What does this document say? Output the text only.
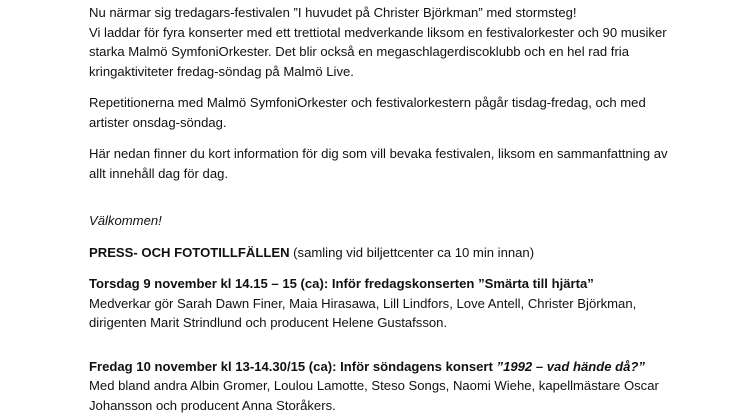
Nu närmar sig tredagars-festivalen ”I huvudet på Christer Björkman” med stormsteg!
Vi laddar för fyra konserter med ett trettiotal medverkande liksom en festivalorkester och 90 musiker
starka Malmö SymfoniOrkester. Det blir också en megaschlagerdiscoklubb och en hel rad fria
kringaktiviteter fredag-söndag på Malmö Live.
Repetitionerna med Malmö SymfoniOrkester och festivalorkestern pågår tisdag-fredag, och med
artister onsdag-söndag.
Här nedan finner du kort information för dig som vill bevaka festivalen, liksom en sammanfattning av
allt innehåll dag för dag.
Välkommen!
PRESS- OCH FOTOTILLFÄLLEN (samling vid biljettcenter ca 10 min innan)
Torsdag 9 november kl 14.15 – 15 (ca): Inför fredagskonserten ”Smärta till hjärta”
Medverkar gör Sarah Dawn Finer, Maia Hirasawa, Lill Lindfors, Love Antell, Christer Björkman,
dirigenten Marit Strindlund och producent Helene Gustafsson.
Fredag 10 november kl 13-14.30/15 (ca): Inför söndagens konsert ”1992 – vad hände då?”
Med bland andra Albin Gromer, Loulou Lamotte, Steso Songs, Naomi Wiehe, kapellmästare Oscar
Johansson och producent Anna Storåkers.
